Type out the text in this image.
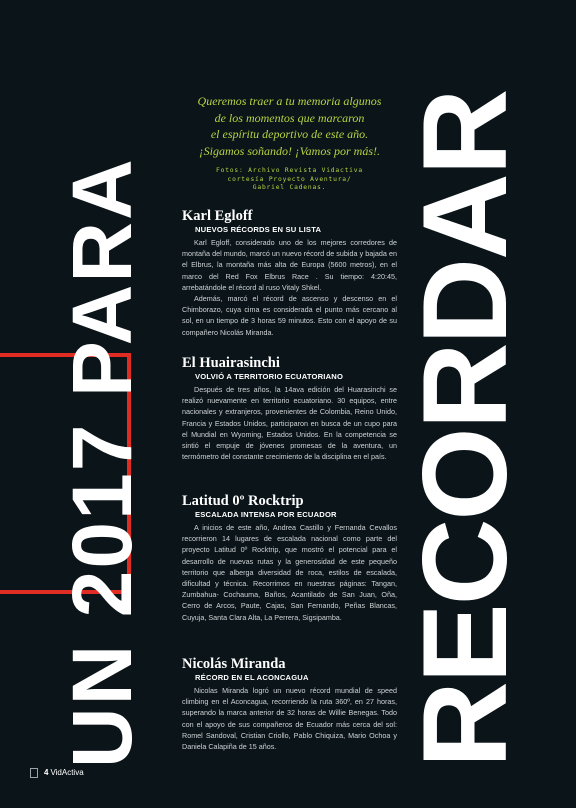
UN 2017 PARA RECORDAR
Queremos traer a tu memoria algunos
de los momentos que marcaron
el espíritu deportivo de este año.
¡Sigamos soñando! ¡Vamos por más!.
Fotos: Archivo Revista Vidactiva
cortesía Proyecto Aventura/
Gabriel Cadenas.
Karl Egloff
NUEVOS RÉCORDS EN SU LISTA

Karl Egloff, considerado uno de los mejores corredores de montaña del mundo, marcó un nuevo récord de subida y bajada en el Elbrus, la montaña más alta de Europa (5600 metros), en el marco del Red Fox Elbrus Race . Su tiempo: 4:20:45, arrebatándole el récord al ruso Vitaly Shkel.

Además, marcó el récord de ascenso y descenso en el Chimborazo, cuya cima es considerada el punto más cercano al sol, en un tiempo de 3 horas 59 minutos. Esto con el apoyo de su compañero Nicolás Miranda.

El Huairasinchi
VOLVIÓ A TERRITORIO ECUATORIANO

Después de tres años, la 14ava edición del Huarasinchi se realizó nuevamente en territorio ecuatoriano. 30 equipos, entre nacionales y extranjeros, provenientes de Colombia, Reino Unido, Francia y Estados Unidos, participaron en busca de un cupo para el Mundial en Wyoming, Estados Unidos. En la competencia se sintió el empuje de jóvenes promesas de la aventura, un termómetro del constante crecimiento de la disciplina en el país.

Latitud 0º Rocktrip
ESCALADA INTENSA POR ECUADOR

A inicios de este año, Andrea Castillo y Fernanda Cevallos recorrieron 14 lugares de escalada nacional como parte del proyecto Latitud 0º Rocktrip, que mostró el potencial para el desarrollo de nuevas rutas y la generosidad de este pequeño territorio que alberga diversidad de roca, estilos de escalada, dificultad y técnica. Recorrimos en nuestras páginas: Tangan, Zumbahua- Cochauma, Baños, Acantilado de San Juan, Oña, Cerro de Arcos, Paute, Cajas, San Fernando, Peñas Blancas, Cuyuja, Santa Clara Alta, La Perrera, Sigsipamba.

Nicolás Miranda
RÉCORD EN EL ACONCAGUA

Nicolas Miranda logró un nuevo récord mundial de speed climbing en el Aconcagua, recorriendo la ruta 360º, en 27 horas, superando la marca anterior de 32 horas de Willie Benegas. Todo con el apoyo de sus compañeros de Ecuador más cerca del sol: Romel Sandoval, Cristian Criollo, Pablo Chiquiza, Mario Ochoa y Daniela Calapiña de 15 años.

4 VidActiva
